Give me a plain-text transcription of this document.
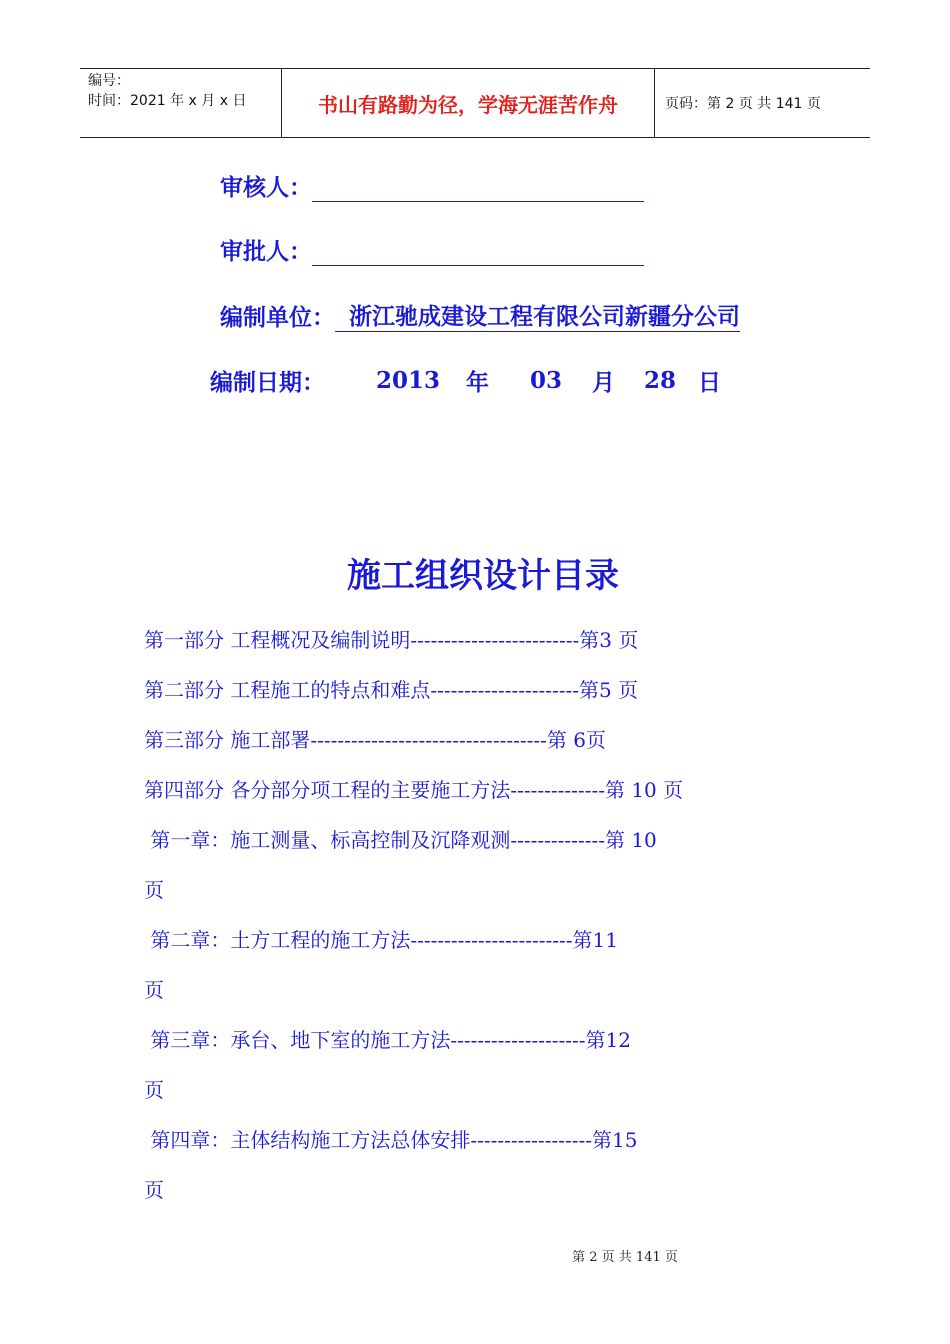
编号：
时间：2021 年 x 月 x 日	书山有路勤为径，学海无涯苦作舟	页码：第 2 页 共 141 页
审核人：
审批人：
编制单位： 浙江驰成建设工程有限公司新疆分公司
编制日期：	2013	年	03	月	28 日
施工组织设计目录
第一部分 工程概况及编制说明-------------------------第3 页
第二部分 工程施工的特点和难点----------------------第5 页
第三部分 施工部署-----------------------------------第 6页
第四部分 各分部分项工程的主要施工方法--------------第 10 页
第一章：施工测量、标高控制及沉降观测--------------第 10
页
第二章：土方工程的施工方法------------------------第11
页
第三章：承台、地下室的施工方法--------------------第12
页
第四章：主体结构施工方法总体安排------------------第15
页
第 2 页 共 141 页
